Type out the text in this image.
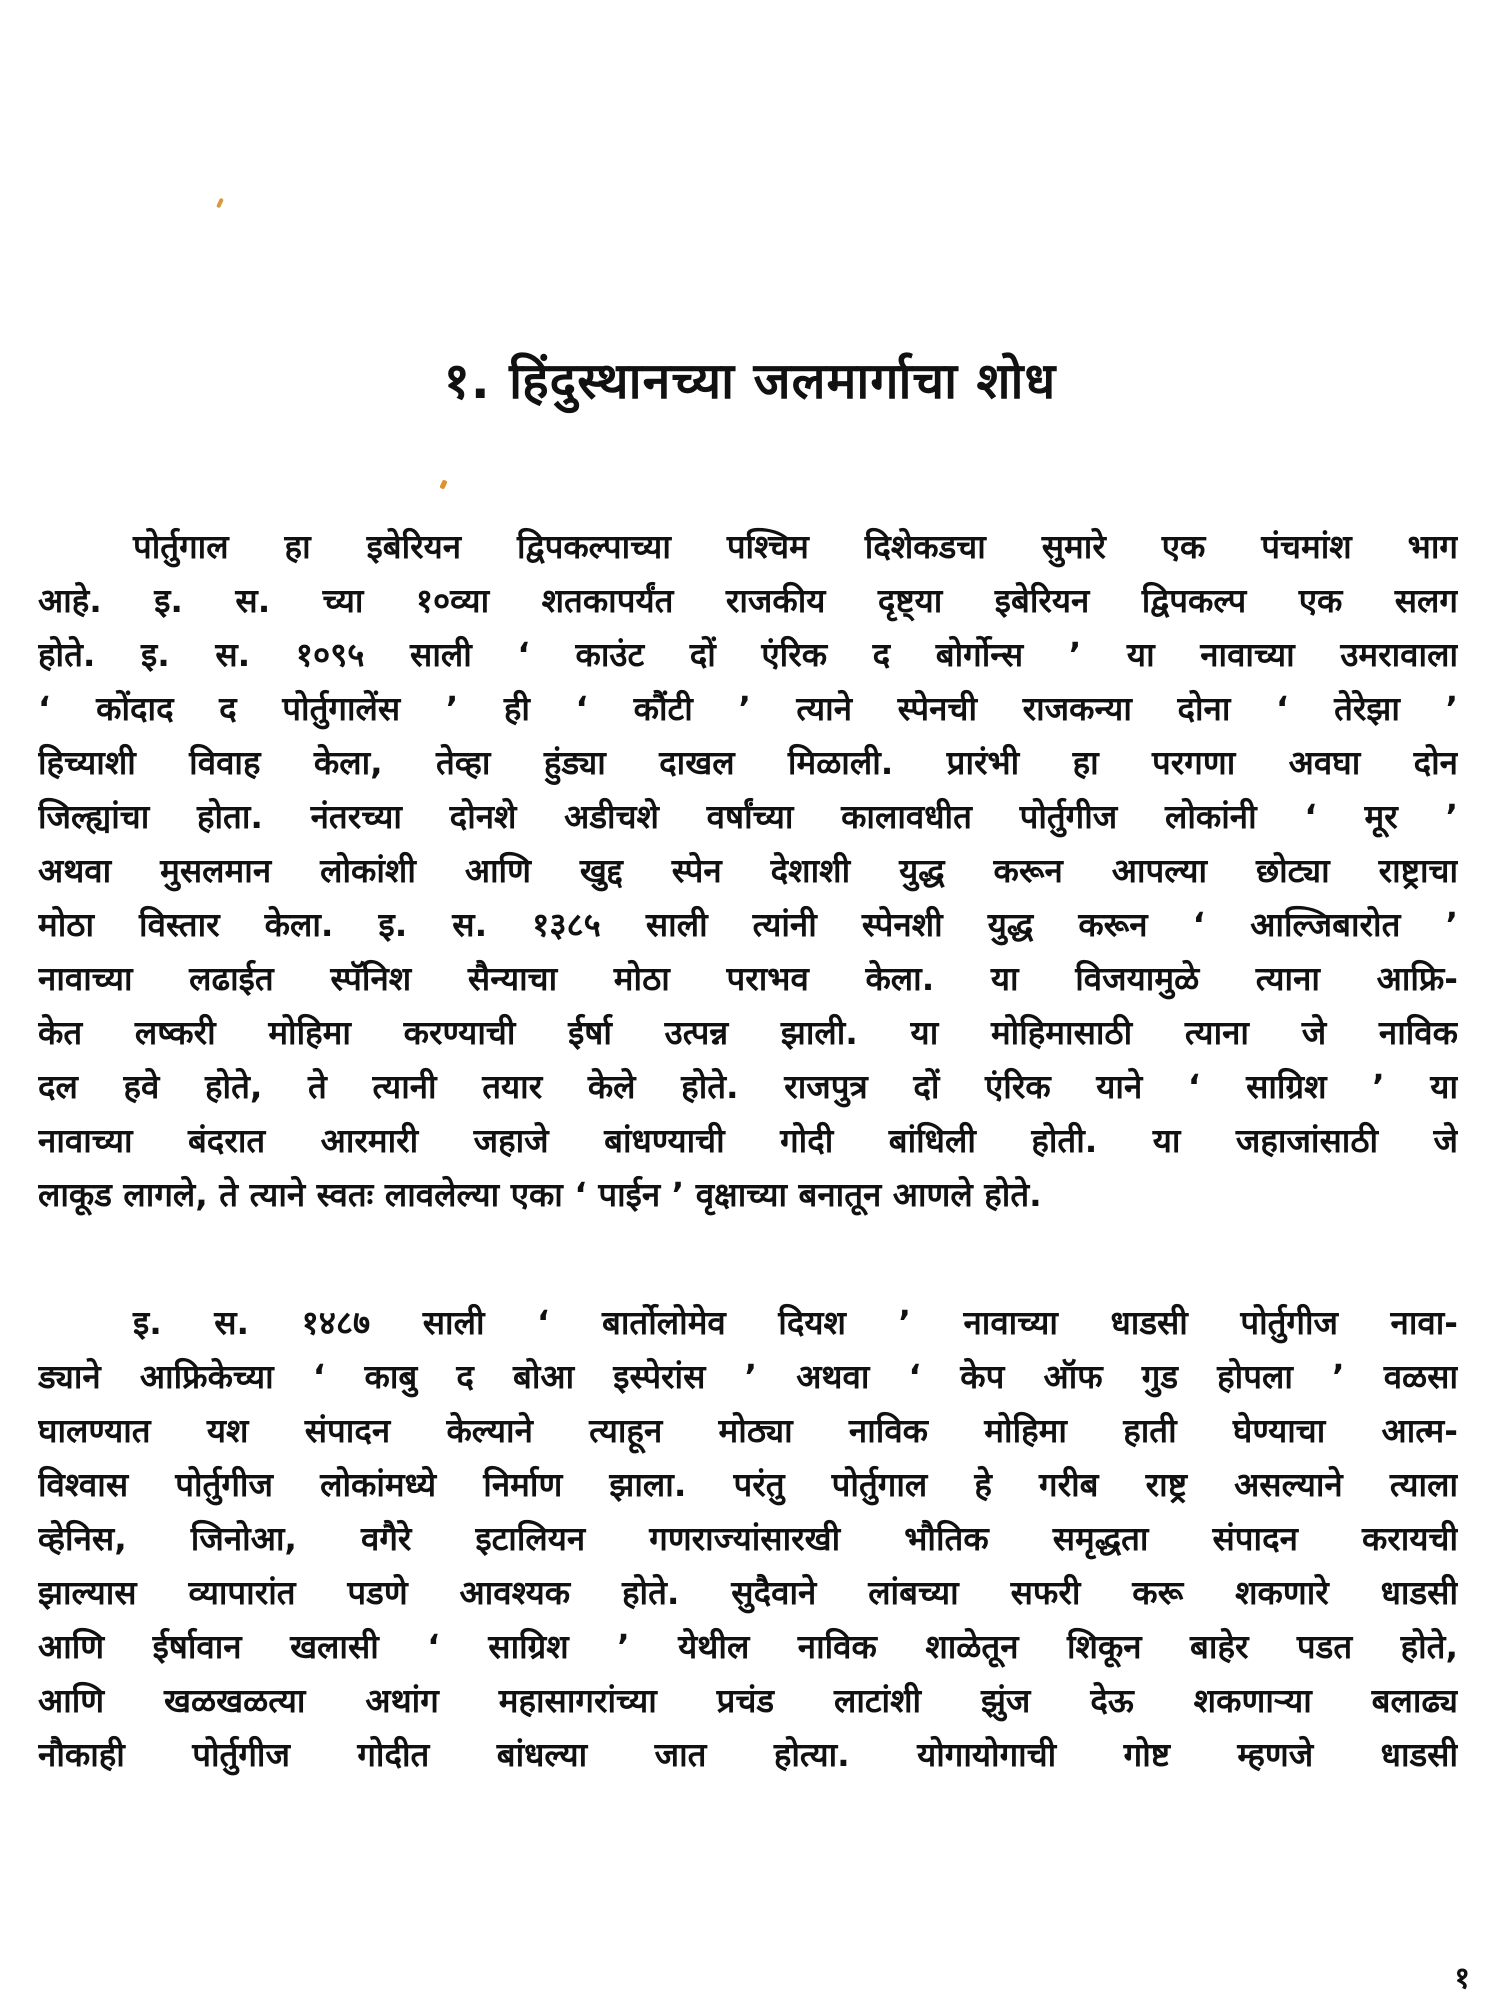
१. हिंदुस्थानच्या जलमार्गाचा शोध
पोर्तुगाल हा इबेरियन द्विपकल्पाच्या पश्चिम दिशेकडचा सुमारे एक पंचमांश भाग
आहे. इ. स. च्या १०व्या शतकापर्यंत राजकीय दृष्ट्या इबेरियन द्विपकल्प एक सलग
होते. इ. स. १०९५ साली ‘ काउंट दों एंरिक द बोर्गोन्स ’ या नावाच्या उमरावाला
‘ कोंदाद द पोर्तुगालेंस ’ ही ‘ कौंटी ’ त्याने स्पेनची राजकन्या दोना ‘ तेरेझा ’
हिच्याशी विवाह केला, तेव्हा हुंड्या दाखल मिळाली. प्रारंभी हा परगणा अवघा दोन
जिल्ह्यांचा होता. नंतरच्या दोनशे अडीचशे वर्षांच्या कालावधीत पोर्तुगीज लोकांनी ‘ मूर ’
अथवा मुसलमान लोकांशी आणि खुद्द स्पेन देशाशी युद्ध करून आपल्या छोट्या राष्ट्राचा
मोठा विस्तार केला. इ. स. १३८५ साली त्यांनी स्पेनशी युद्ध करून ‘ आल्जिबारोत ’
नावाच्या लढाईत स्पॅनिश सैन्याचा मोठा पराभव केला. या विजयामुळे त्याना आफ्रि-
केत लष्करी मोहिमा करण्याची ईर्षा उत्पन्न झाली. या मोहिमासाठी त्याना जे नाविक
दल हवे होते, ते त्यानी तयार केले होते. राजपुत्र दों एंरिक याने ‘ साग्रिश ’ या
नावाच्या बंदरात आरमारी जहाजे बांधण्याची गोदी बांधिली होती. या जहाजांसाठी जे
लाकूड लागले, ते त्याने स्वतः लावलेल्या एका ‘ पाईन ’ वृक्षाच्या बनातून आणले होते.
इ. स. १४८७ साली ‘ बार्तोलोमेव दियश ’ नावाच्या धाडसी पोर्तुगीज नावा-
ड्याने आफ्रिकेच्या ‘ काबु द बोआ इस्पेरांस ’ अथवा ‘ केप ऑफ गुड होपला ’ वळसा
घालण्यात यश संपादन केल्याने त्याहून मोठ्या नाविक मोहिमा हाती घेण्याचा आत्म-
विश्वास पोर्तुगीज लोकांमध्ये निर्माण झाला. परंतु पोर्तुगाल हे गरीब राष्ट्र असल्याने त्याला
व्हेनिस, जिनोआ, वगैरे इटालियन गणराज्यांसारखी भौतिक समृद्धता संपादन करायची
झाल्यास व्यापारांत पडणे आवश्यक होते. सुदैवाने लांबच्या सफरी करू शकणारे धाडसी
आणि ईर्षावान खलासी ‘ साग्रिश ’ येथील नाविक शाळेतून शिकून बाहेर पडत होते,
आणि खळखळत्या अथांग महासागरांच्या प्रचंड लाटांशी झुंज देऊ शकणाऱ्या बलाढ्य
नौकाही पोर्तुगीज गोदीत बांधल्या जात होत्या. योगायोगाची गोष्ट म्हणजे धाडसी
१
